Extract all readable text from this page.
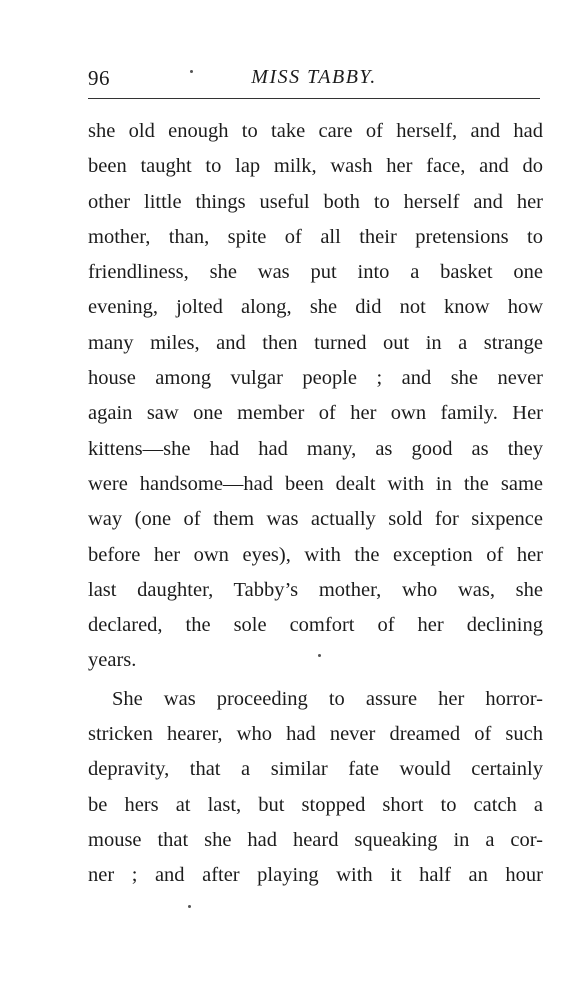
96	MISS TABBY.
she old enough to take care of herself, and had
been taught to lap milk, wash her face, and do
other little things useful both to herself and her
mother, than, spite of all their pretensions to
friendliness, she was put into a basket one
evening, jolted along, she did not know how
many miles, and then turned out in a strange
house among vulgar people ; and she never
again saw one member of her own family. Her
kittens—she had had many, as good as they
were handsome—had been dealt with in the same
way (one of them was actually sold for sixpence
before her own eyes), with the exception of her
last daughter, Tabby’s mother, who was, she
declared, the sole comfort of her declining
years.
She was proceeding to assure her horror-
stricken hearer, who had never dreamed of such
depravity, that a similar fate would certainly
be hers at last, but stopped short to catch a
mouse that she had heard squeaking in a cor-
ner ; and after playing with it half an hour
